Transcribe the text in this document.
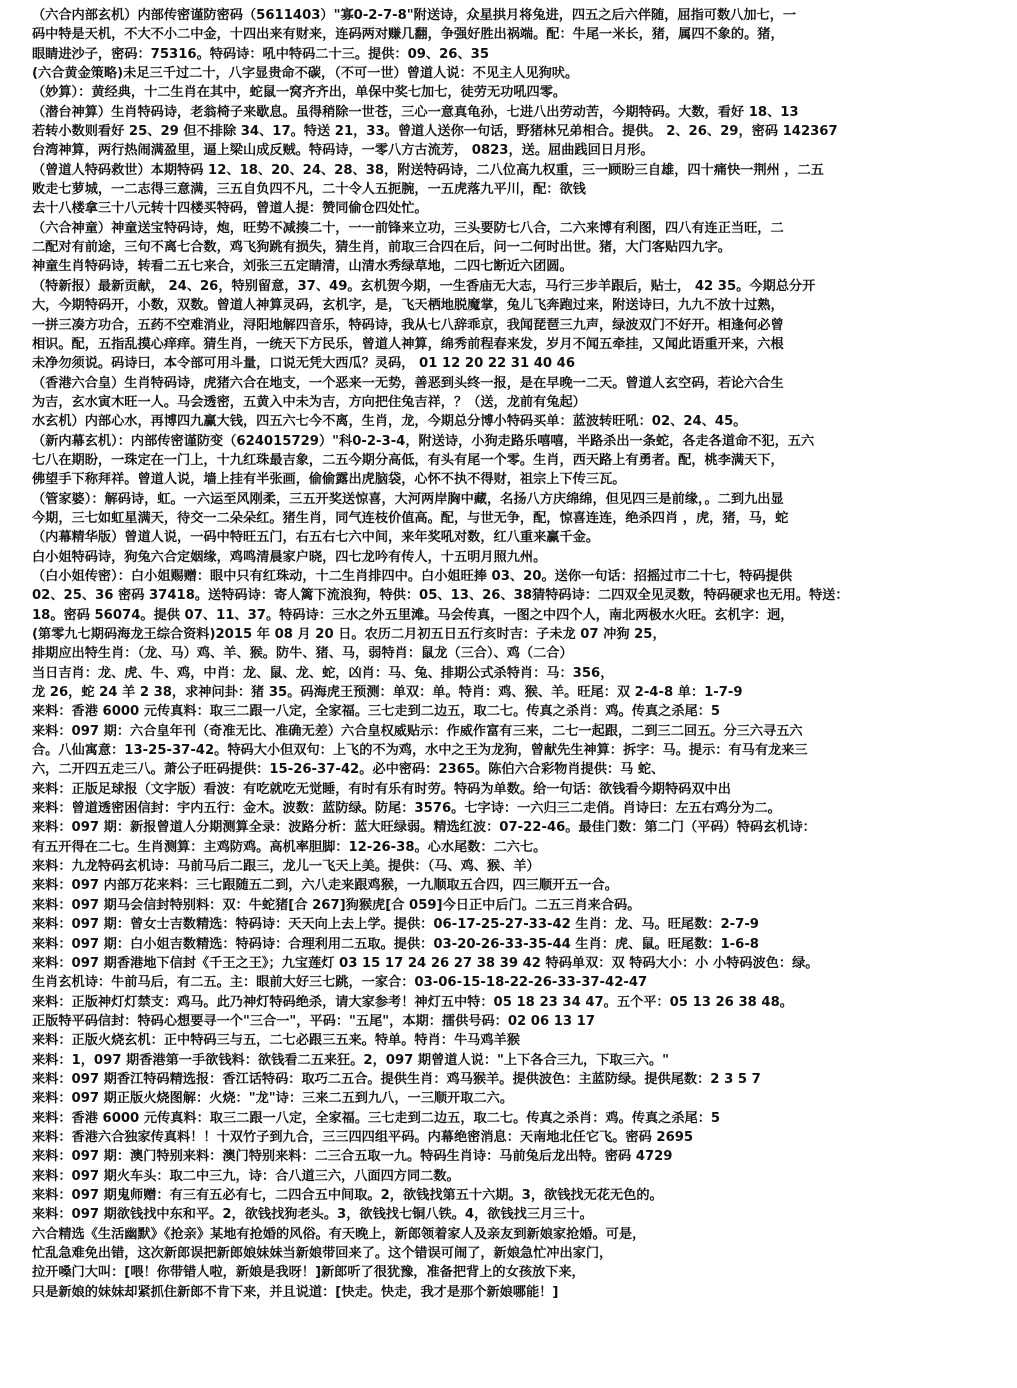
（六合内部玄机）内部传密谨防密码（5611403）"寡0-2-7-8"附送诗，众星拱月将兔进，四五之后六伴随，屈指可数八加七，一
码中特是天机，不大不小二中金，十四出来有财来，连码两对赚几翻，争强好胜出祸端。配：牛尾一米长，猪，属四不象的。猪，
眼睛进沙子，密码：75316。特码诗：吼中特码二十三。提供：09、26、35
(六合黄金策略)未足三千过二十，八字显贵命不碳，（不可一世）曾道人说：不见主人见狗吠。
（妙算）：黄经典，十二生肖在其中，蛇鼠一窝齐齐出，单保中奖七加七，徒劳无功吼四零。
（潜台神算）生肖特码诗，老翁椅子来歇息。虽得稍除一世苍，三心一意真龟孙，七进八出劳动苦，今期特码。大数，看好 18、13
若转小数则看好 25、29 但不排除 34、17。特送 21，33。曾道人送你一句话，野猪林兄弟相合。提供。 2、26、29，密码 142367
台湾神算，两行热闹满盈里，逼上梁山成反贼。特码诗，一零八方古流芳， 0823，送。屈曲践回日月形。
（曾道人特码救世）本期特码 12、18、20、24、28、38，附送特码诗，二八位高九权重，三一顾盼三自雄，四十痛快一荆州 ，二五
败走七萝城，一二志得三意满，三五自负四不凡，二十令人五扼腕，一五虎落九平川，配：欲钱
去十八楼拿三十八元转十四楼买特码，曾道人提：赞同偷仓四处忙。
（六合神童）神童送宝特码诗，炮，旺势不减揍二十，一一前锋来立功，三头要防七八合，二六来博有利图，四八有连正当旺，二
二配对有前途，三句不离七合数，鸡飞狗跳有损失，猜生肖，前取三合四在后，问一二何时出世。猪，大门客贴四九字。
神童生肖特码诗，转看二五七来合，刘张三五定睛清，山清水秀绿草地，二四七断近六团圆。
（特新报）最新贡献， 24、26，特别留意，37、49。玄机贺今期，一生香庙无大志，马行三步羊跟后，贴士， 42 35。今期总分开
大，今期特码开，小数，双数。曾道人神算灵码，玄机字，是，飞天栖地脱魔掌，兔儿飞奔跑过来，附送诗曰，九九不放十过熟，
一拼三凑方功合，五药不空难消业，浔阳地解四音乐，特码诗，我从七八辞乖京，我闻琵琶三九声，绿波双门不好开。相逢何必曾
相识。配，五指乱摸心痒痒。猜生肖，一统天下方民乐，曾道人神算，绵秀前程春来发，岁月不闻五牵挂，又闻此语重开来，六根
未净勿须说。码诗曰，本令部可用斗量，口说无凭大西瓜？灵码， 01 12 20 22 31 40 46
（香港六合皇）生肖特码诗，虎猪六合在地支，一个恶来一无势，善恶到头终一报，是在早晚一二天。曾道人玄空码，若论六合生
为吉，玄水寅木旺一人。马会透密，五黄入中未为吉，方向把住兔吉祥，？（送，龙前有兔起）
水玄机）内部心水，再博四九赢大钱，四五六七今不离，生肖，龙，今期总分博小特码买单：蓝波转旺吼：02、24、45。
（新内幕玄机）：内部传密谨防变（624015729）"科0-2-3-4，附送诗，小狗走路乐嘻嘻，半路杀出一条蛇，各走各道命不犯，五六
七八在期盼，一珠定在一门上，十九红珠最吉象，二五今期分高低，有头有尾一个零。生肖，西天路上有勇者。配，桃李满天下，
佛望手下称拜祥。曾道人说，墙上挂有半张画，偷偷露出虎脑袋，心怀不执不得财，祖宗上下传三瓦。
（管家婆）：解码诗，虹。一六运至风刚柔，三五开奖送惊喜，大河两岸胸中藏，名扬八方庆绵绵，但见四三是前缘，。二到九出显
今期，三七如虹星满天，待交一二朵朵红。猪生肖，同气连枝价值高。配，与世无争，配，惊喜连连，绝杀四肖 ，虎，猪，马，蛇
（内幕精华版）曾道人说，一码中特旺五门，右五右七六中间，来年奖吼对数，红八重来赢千金。
白小姐特码诗，狗兔六合定姻缘，鸡鸣清晨家户晓，四七龙吟有传人，十五明月照九州。
（白小姐传密）：白小姐赐赠：眼中只有红珠动，十二生肖排四中。白小姐旺捧 03、20。送你一句话：招摇过市二十七，特码提供
02、25、36 密码 37418。送特码诗：寄人篱下流浪狗，特供：05、13、26、38猜特码诗：二四双全见灵数，特码硬求也无用。特送：
18。密码 56074。提供 07、11、37。特码诗：三水之外五里滩。马会传真，一图之中四个人，南北两极水火旺。玄机字：迥，
(第零九七期码海龙王综合资料)2015 年 08 月 20 日。农历二月初五日五行亥时吉：子未龙 07 冲狗 25，
排期应出特生肖：（龙、马）鸡、羊、猴。防牛、猪、马，弱特肖：鼠龙（三合）、鸡（二合）
当日吉肖：龙、虎、牛、鸡，中肖：龙、鼠、龙、蛇，凶肖：马、兔、排期公式杀特肖：马：356，
龙 26，蛇 24 羊 2 38，求神问卦：猪 35。码海虎王预测：单双：单。特肖：鸡、猴、羊。旺尾：双 2-4-8 单：1-7-9
来料：香港 6000 元传真料：取三二跟一八定，全家福。三七走到二边五，取二七。传真之杀肖：鸡。传真之杀尾：5
来料：097 期：六合皇年刊（奇准无比、准确无差）六合皇权威贴示：作威作富有三来，二七一起跟，二到三二回五。分三六寻五六
合。八仙寓意：13-25-37-42。特码大小但双句：上飞的不为鸡，水中之王为龙狗，曾献先生神算：拆字：马。提示：有马有龙来三
六，二开四五走三八。萧公子旺码提供：15-26-37-42。必中密码：2365。陈伯六合彩物肖提供：马 蛇、
来料：正版足球报（文字版）看波：有吃就吃无觉睡，有时有乐有时劳。特码为单数。给一句话：欲钱看今期特码双中出
来料：曾道透密困信封：宇内五行：金木。波数：蓝防绿。防尾：3576。七字诗：一六归三二走俏。肖诗曰：左五右鸡分为二。
来料：097 期：新报曾道人分期测算全录：波路分析：蓝大旺绿弱。精选红波：07-22-46。最佳门数：第二门（平码）特码玄机诗：
有五开得在二七。生肖测算：主鸡防鸡。高机率胆脚：12-26-38。心水尾数：二六七。
来料：九龙特码玄机诗：马前马后二跟三，龙儿一飞天上美。提供：（马、鸡、猴、羊）
来料：097 内部万花来料：三七跟随五二到，六八走来跟鸡猴，一九顺取五合四，四三顺开五一合。
来料：097 期马会信封特别料：双：牛蛇猪[合 267]狗猴虎[合 059]今日正中后门。二五三肖来合码。
来料：097 期：曾女士吉数精选：特码诗：天天向上去上学。提供：06-17-25-27-33-42 生肖：龙、马。旺尾数：2-7-9
来料：097 期：白小姐吉数精选：特码诗：合理利用二五取。提供：03-20-26-33-35-44 生肖：虎、鼠。旺尾数：1-6-8
来料：097 期香港地下信封《千王之王》；九宝莲灯 03 15 17 24 26 27 38 39 42 特码单双：双 特码大小：小 小特码波色：绿。
生肖玄机诗：牛前马后，有二五。主：眼前大好三七跳，一家合：03-06-15-18-22-26-33-37-42-47
来料：正版神灯灯禁支：鸡马。此乃神灯特码绝杀，请大家参考！神灯五中特：05 18 23 34 47。五个平：05 13 26 38 48。
正版特平码信封：特码心想要寻一个"三合一"，平码："五尾"，本期：擂供号码：02 06 13 17
来料：正版火烧玄机：正中特码三与五，二七必跟三五来。特单。特肖：牛马鸡羊猴
来料：1，097 期香港第一手欲钱料：欲钱看二五来狂。2，097 期曾道人说："上下各合三九，下取三六。"
来料：097 期香江特码精选报：香江话特码：取巧二五合。提供生肖：鸡马猴羊。提供波色：主蓝防绿。提供尾数：2 3 5 7
来料：097 期正版火烧图解：火烧："龙"诗：三来二五到九八，一三顺开取二六。
来料：香港 6000 元传真料：取三二跟一八定，全家福。三七走到二边五，取二七。传真之杀肖：鸡。传真之杀尾：5
来料：香港六合独家传真料！！十双竹子到九合，三三四四组平码。内幕绝密消息：天南地北任它飞。密码 2695
来料：097 期：澳门特别来料：澳门特别来料：二三合五取一九。特码生肖诗：马前兔后龙出特。密码 4729
来料：097 期火车头：取二中三九，诗：合八道三六，八面四方同二数。
来料：097 期鬼师赠：有三有五必有七，二四合五中间取。2，欲钱找第五十六期。3，欲钱找无花无色的。
来料：097 期欲钱找中东和平。2，欲钱找狗老头。3，欲钱找七铜八铁。4，欲钱找三月三十。
六合精选《生活幽默》《抢亲》某地有抢婚的风俗。有天晚上，新郎领着家人及亲友到新娘家抢婚。可是，
忙乱急难免出错，这次新郎误把新郎娘妹妹当新娘带回来了。这个错误可闹了，新娘急忙冲出家门，
拉开嗓门大叫：[喂！你带错人啦，新娘是我呀！]新郎听了很犹豫，准备把背上的女孩放下来，
只是新娘的妹妹却紧抓住新郎不肯下来，并且说道：[快走。快走，我才是那个新娘哪能！]
